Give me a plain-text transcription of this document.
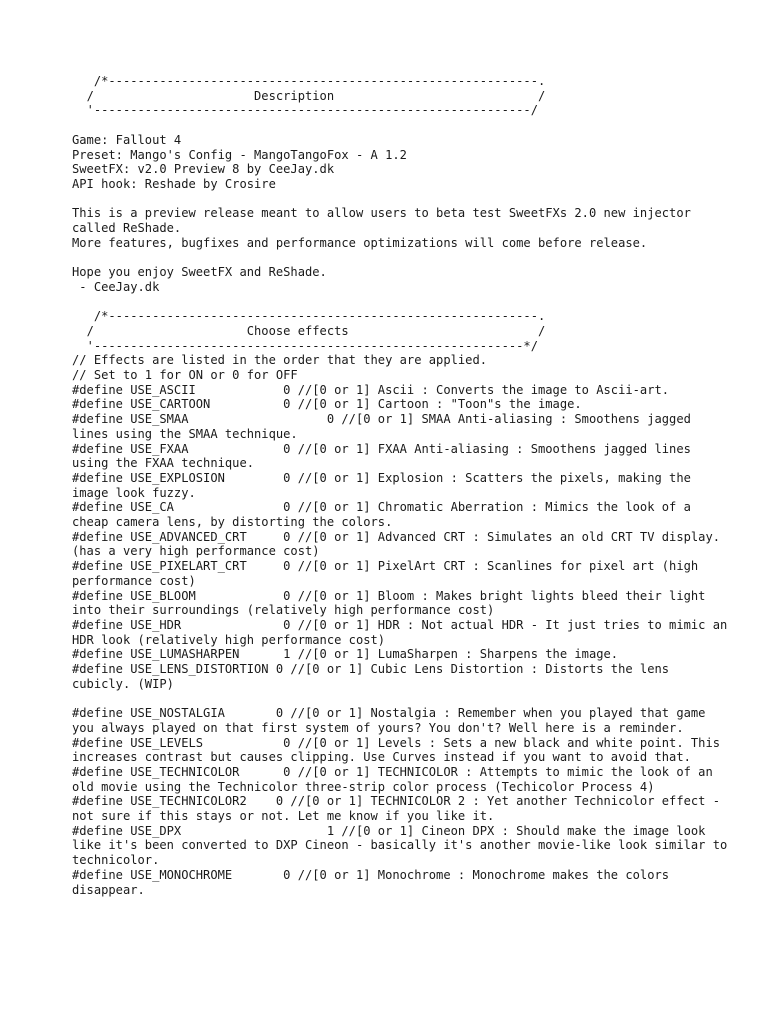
/*-----------------------------------------------------------.
/                      Description                            /
'------------------------------------------------------------/
Game: Fallout 4
Preset: Mango's Config - MangoTangoFox - A 1.2
SweetFX: v2.0 Preview 8 by CeeJay.dk
API hook: Reshade by Crosire
This is a preview release meant to allow users to beta test SweetFXs 2.0 new injector called ReShade.
More features, bugfixes and performance optimizations will come before release.
Hope you enjoy SweetFX and ReShade.
- CeeJay.dk
/*-----------------------------------------------------------.
/                     Choose effects                          /
'-----------------------------------------------------------*/
// Effects are listed in the order that they are applied.
// Set to 1 for ON or 0 for OFF
#define USE_ASCII            0 //[0 or 1] Ascii : Converts the image to Ascii-art.
#define USE_CARTOON          0 //[0 or 1] Cartoon : "Toon"s the image.
#define USE_SMAA                   0 //[0 or 1] SMAA Anti-aliasing : Smoothens jagged lines using the SMAA technique.
#define USE_FXAA             0 //[0 or 1] FXAA Anti-aliasing : Smoothens jagged lines using the FXAA technique.
#define USE_EXPLOSION        0 //[0 or 1] Explosion : Scatters the pixels, making the image look fuzzy.
#define USE_CA               0 //[0 or 1] Chromatic Aberration : Mimics the look of a cheap camera lens, by distorting the colors.
#define USE_ADVANCED_CRT     0 //[0 or 1] Advanced CRT : Simulates an old CRT TV display. (has a very high performance cost)
#define USE_PIXELART_CRT     0 //[0 or 1] PixelArt CRT : Scanlines for pixel art (high performance cost)
#define USE_BLOOM            0 //[0 or 1] Bloom : Makes bright lights bleed their light into their surroundings (relatively high performance cost)
#define USE_HDR              0 //[0 or 1] HDR : Not actual HDR - It just tries to mimic an HDR look (relatively high performance cost)
#define USE_LUMASHARPEN      1 //[0 or 1] LumaSharpen : Sharpens the image.
#define USE_LENS_DISTORTION 0 //[0 or 1] Cubic Lens Distortion : Distorts the lens cubicly. (WIP)
#define USE_NOSTALGIA       0 //[0 or 1] Nostalgia : Remember when you played that game you always played on that first system of yours? You don't? Well here is a reminder.
#define USE_LEVELS           0 //[0 or 1] Levels : Sets a new black and white point. This increases contrast but causes clipping. Use Curves instead if you want to avoid that.
#define USE_TECHNICOLOR      0 //[0 or 1] TECHNICOLOR : Attempts to mimic the look of an old movie using the Technicolor three-strip color process (Techicolor Process 4)
#define USE_TECHNICOLOR2    0 //[0 or 1] TECHNICOLOR 2 : Yet another Technicolor effect - not sure if this stays or not. Let me know if you like it.
#define USE_DPX                    1 //[0 or 1] Cineon DPX : Should make the image look like it's been converted to DXP Cineon - basically it's another movie-like look similar to technicolor.
#define USE_MONOCHROME       0 //[0 or 1] Monochrome : Monochrome makes the colors disappear.
